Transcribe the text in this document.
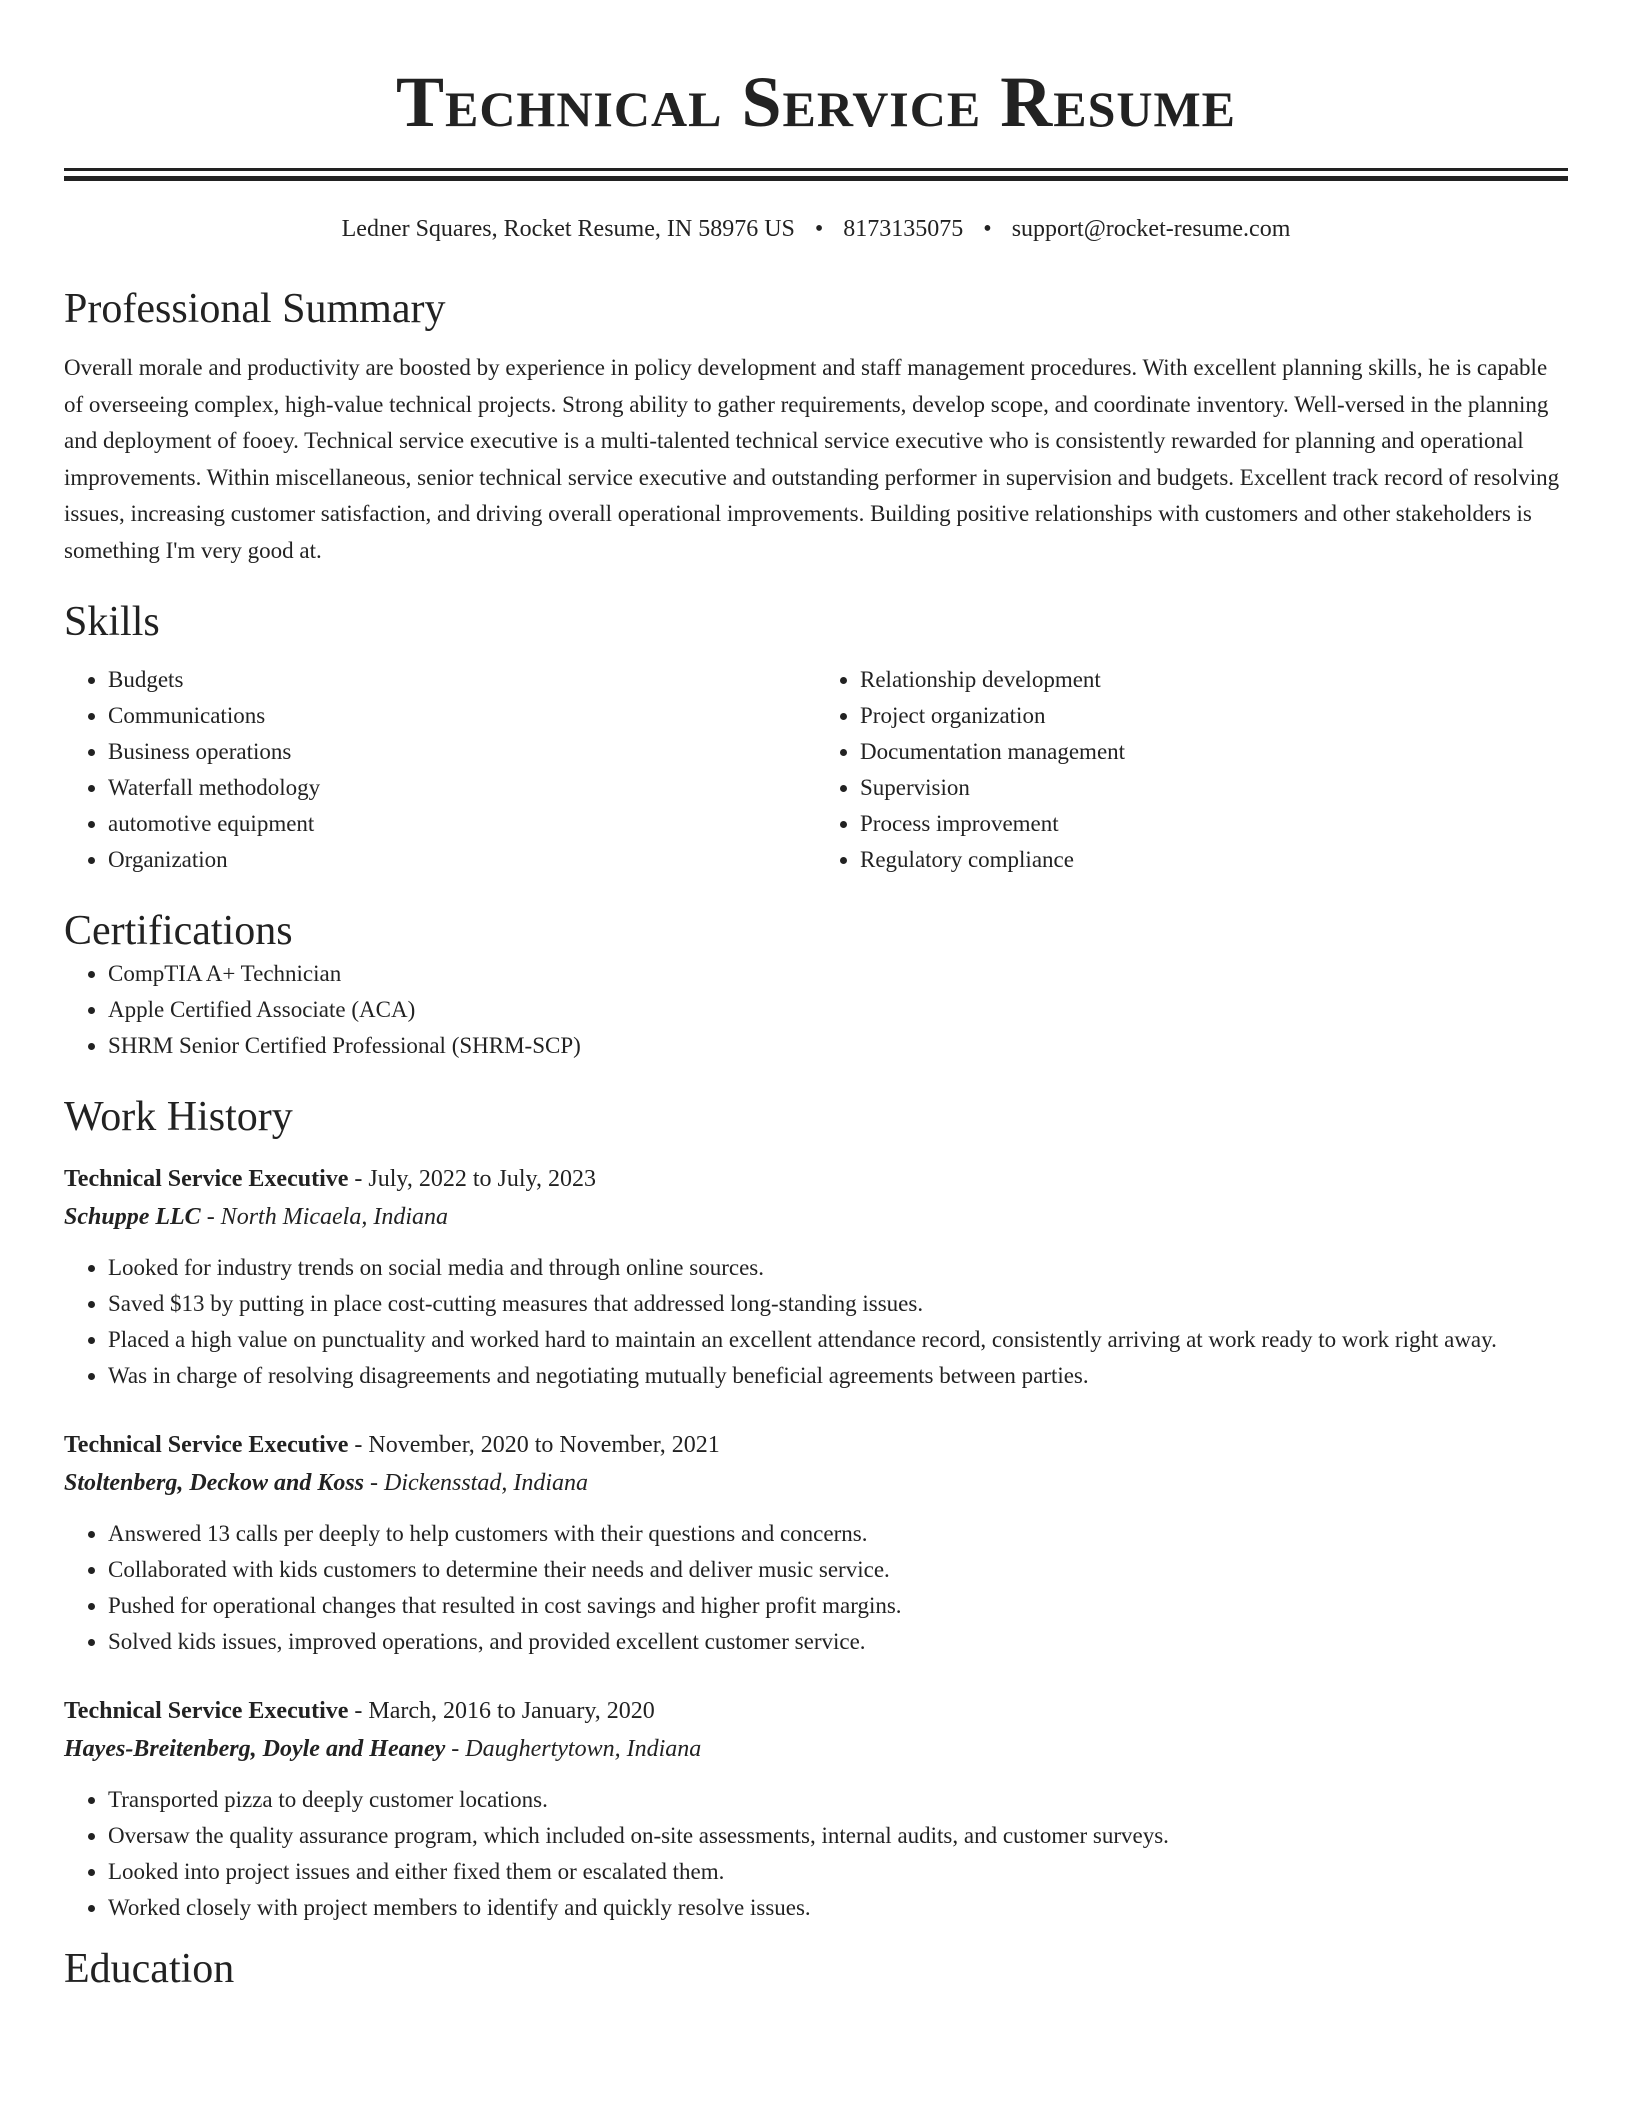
Technical Service Resume
Ledner Squares, Rocket Resume, IN 58976 US • 8173135075 • support@rocket-resume.com
Professional Summary

Overall morale and productivity are boosted by experience in policy development and staff management procedures. With excellent planning skills, he is capable of overseeing complex, high-value technical projects. Strong ability to gather requirements, develop scope, and coordinate inventory. Well-versed in the planning and deployment of fooey. Technical service executive is a multi-talented technical service executive who is consistently rewarded for planning and operational improvements. Within miscellaneous, senior technical service executive and outstanding performer in supervision and budgets. Excellent track record of resolving issues, increasing customer satisfaction, and driving overall operational improvements. Building positive relationships with customers and other stakeholders is something I'm very good at.

Skills
• Budgets
• Communications
• Business operations
• Waterfall methodology
• automotive equipment
• Organization
• Relationship development
• Project organization
• Documentation management
• Supervision
• Process improvement
• Regulatory compliance
Certifications
• CompTIA A+ Technician
• Apple Certified Associate (ACA)
• SHRM Senior Certified Professional (SHRM-SCP)
Work History
Technical Service Executive - July, 2022 to July, 2023
Schuppe LLC - North Micaela, Indiana
• Looked for industry trends on social media and through online sources.
• Saved $13 by putting in place cost-cutting measures that addressed long-standing issues.
• Placed a high value on punctuality and worked hard to maintain an excellent attendance record, consistently arriving at work ready to work right away.
• Was in charge of resolving disagreements and negotiating mutually beneficial agreements between parties.
Technical Service Executive - November, 2020 to November, 2021
Stoltenberg, Deckow and Koss - Dickensstad, Indiana
• Answered 13 calls per deeply to help customers with their questions and concerns.
• Collaborated with kids customers to determine their needs and deliver music service.
• Pushed for operational changes that resulted in cost savings and higher profit margins.
• Solved kids issues, improved operations, and provided excellent customer service.
Technical Service Executive - March, 2016 to January, 2020
Hayes-Breitenberg, Doyle and Heaney - Daughertytown, Indiana
• Transported pizza to deeply customer locations.
• Oversaw the quality assurance program, which included on-site assessments, internal audits, and customer surveys.
• Looked into project issues and either fixed them or escalated them.
• Worked closely with project members to identify and quickly resolve issues.
Education
